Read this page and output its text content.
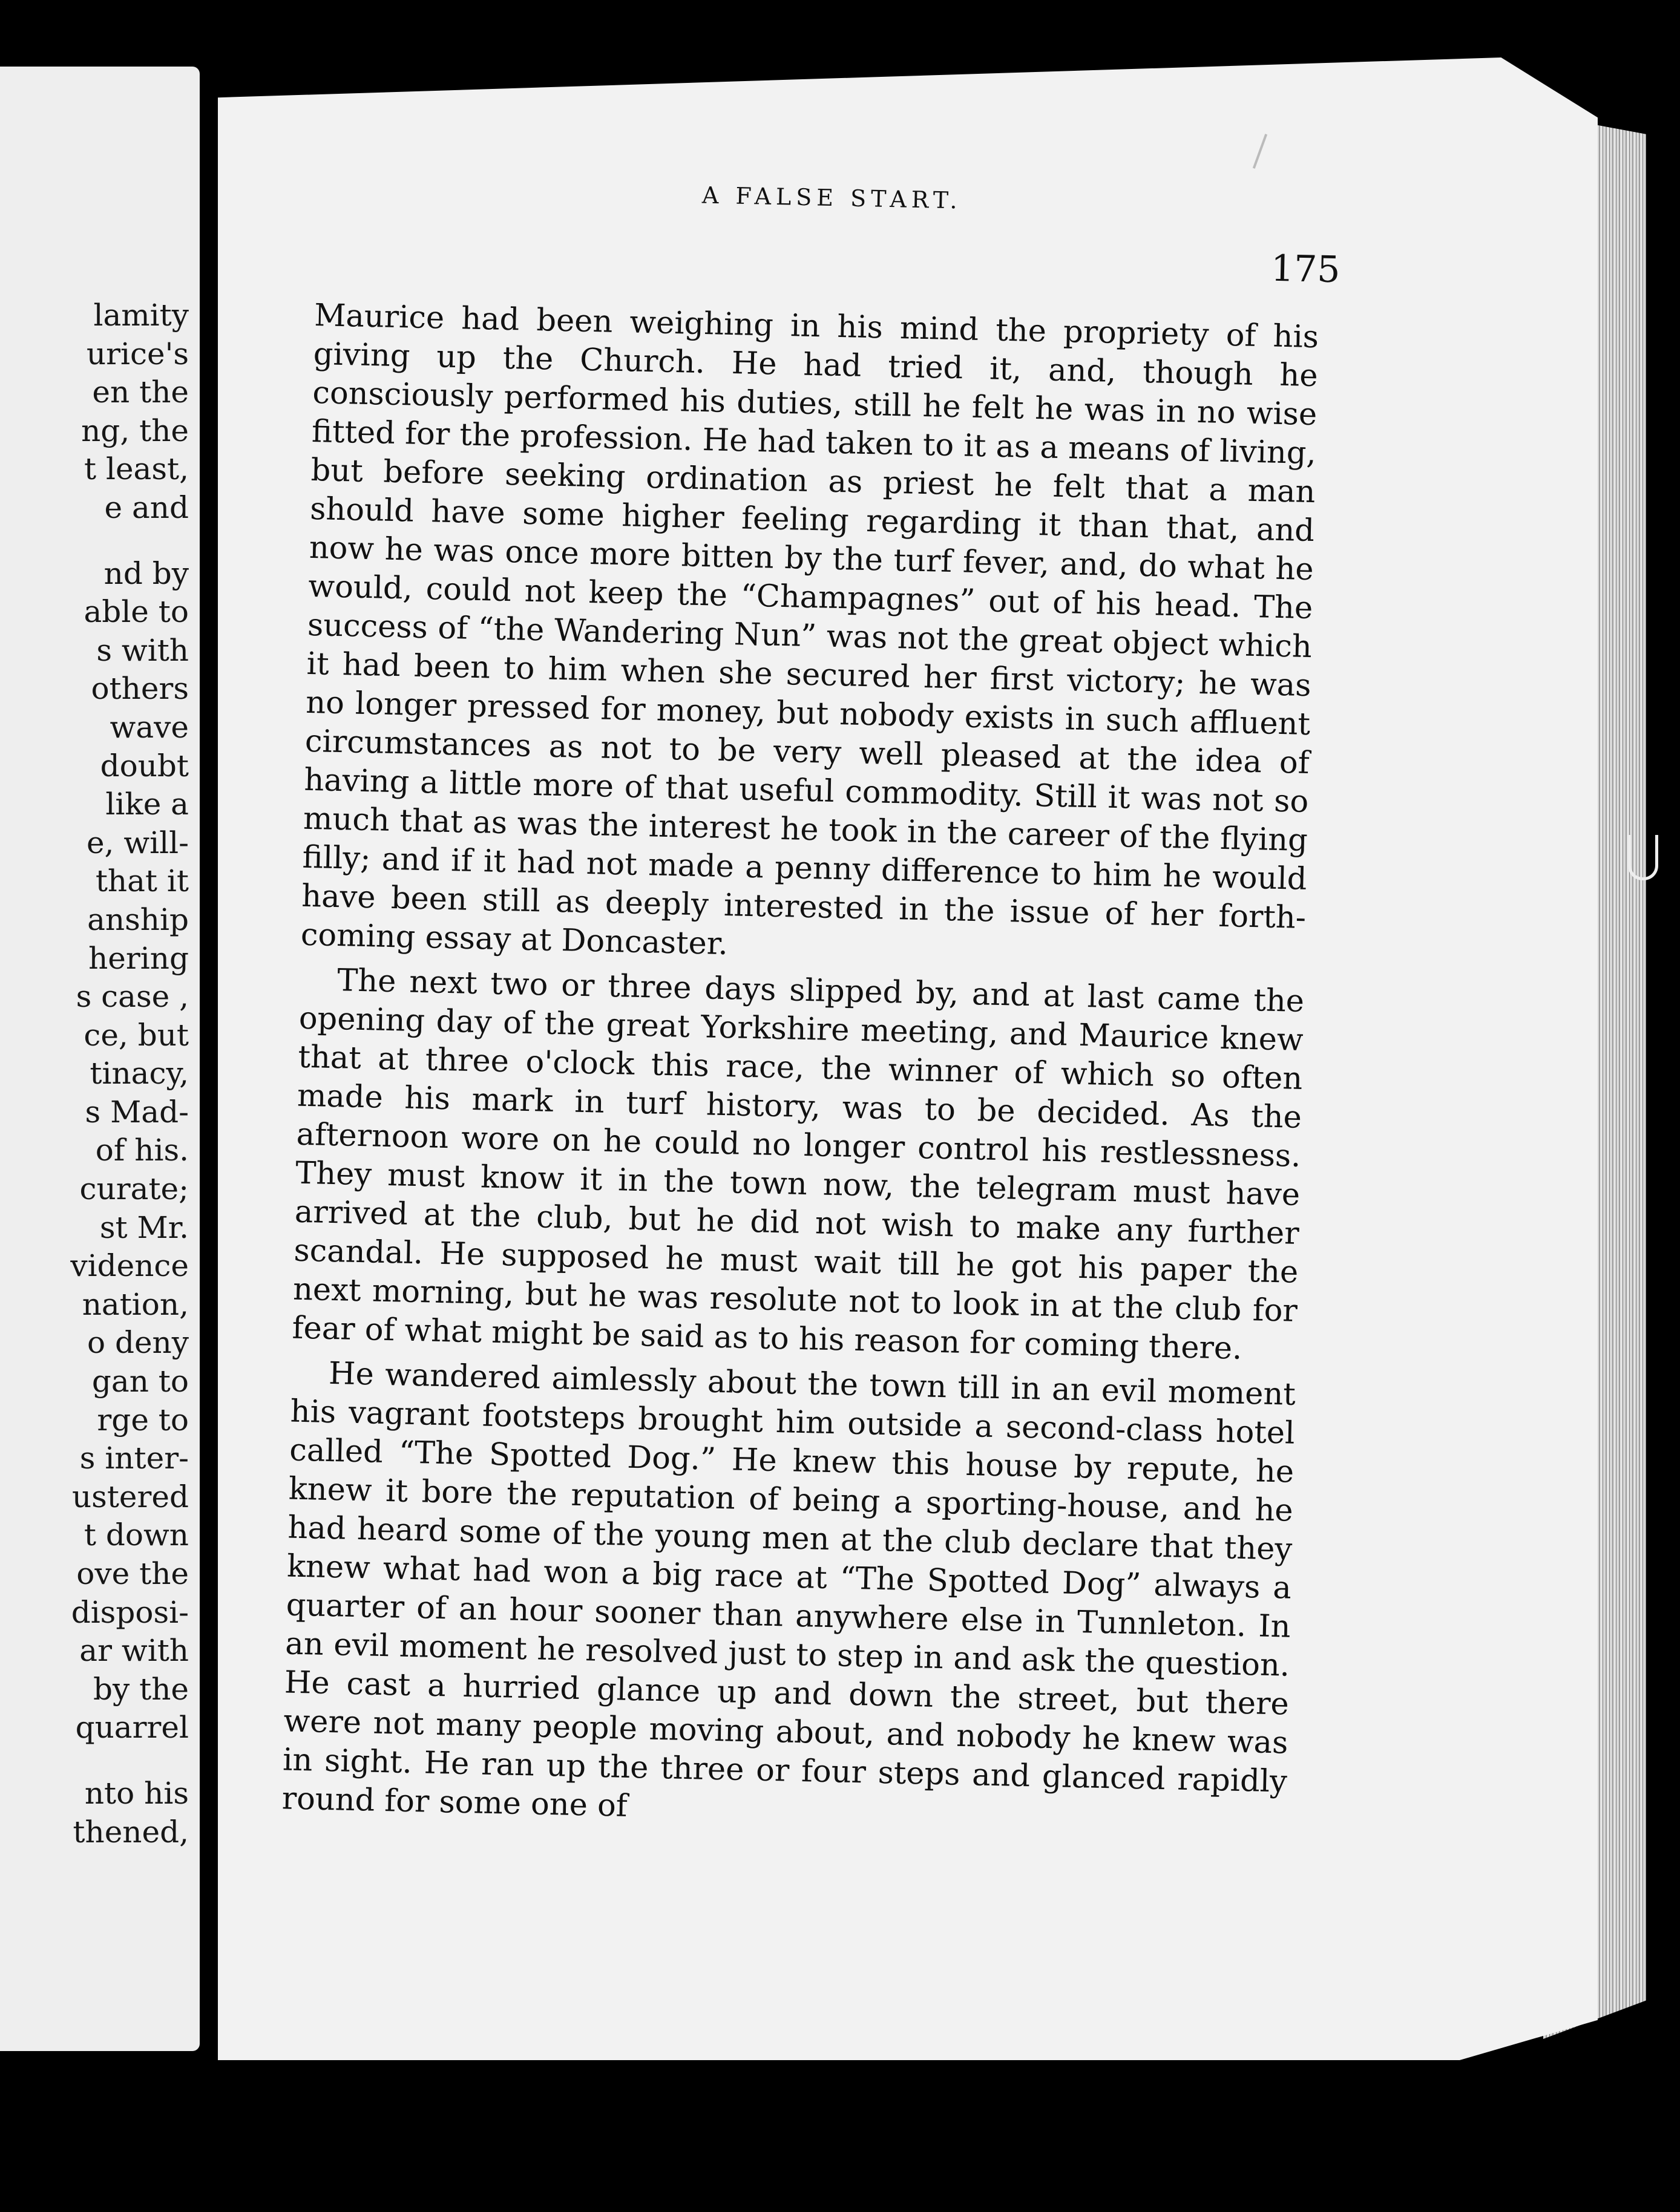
lamity
urice's
en the
ng, the
t least,
e and
nd by
able to
s with
others
wave
doubt
like a
e, will-
that it
anship
hering
s case ,
ce, but
tinacy,
s Mad-
of his.
curate;
st Mr.
vidence
nation,
o deny
gan to
rge to
s inter-
ustered
t down
ove the
disposi-
ar with
by the
quarrel
nto his
thened,
A FALSE START.
175

Maurice had been weighing in his mind the propriety of his giving up the Church. He had tried it, and, though he consciously performed his duties, still he felt he was in no wise fitted for the profession. He had taken to it as a means of living, but before seeking ordination as priest he felt that a man should have some higher feeling regarding it than that, and now he was once more bitten by the turf fever, and, do what he would, could not keep the “Champagnes” out of his head. The success of “the Wandering Nun” was not the great object which it had been to him when she secured her first victory; he was no longer pressed for money, but nobody exists in such affluent circumstances as not to be very well pleased at the idea of having a little more of that useful commodity. Still it was not so much that as was the interest he took in the career of the flying filly; and if it had not made a penny difference to him he would have been still as deeply interested in the issue of her forth-coming essay at Doncaster.

The next two or three days slipped by, and at last came the opening day of the great Yorkshire meeting, and Maurice knew that at three o'clock this race, the winner of which so often made his mark in turf history, was to be decided. As the afternoon wore on he could no longer control his restlessness. They must know it in the town now, the telegram must have arrived at the club, but he did not wish to make any further scandal. He supposed he must wait till he got his paper the next morning, but he was resolute not to look in at the club for fear of what might be said as to his reason for coming there.

He wandered aimlessly about the town till in an evil moment his vagrant footsteps brought him outside a second-class hotel called “The Spotted Dog.” He knew this house by repute, he knew it bore the reputation of being a sporting-house, and he had heard some of the young men at the club declare that they knew what had won a big race at “The Spotted Dog” always a quarter of an hour sooner than anywhere else in Tunnleton. In an evil moment he resolved just to step in and ask the question. He cast a hurried glance up and down the street, but there were not many people moving about, and nobody he knew was in sight. He ran up the three or four steps and glanced rapidly round for some one of
